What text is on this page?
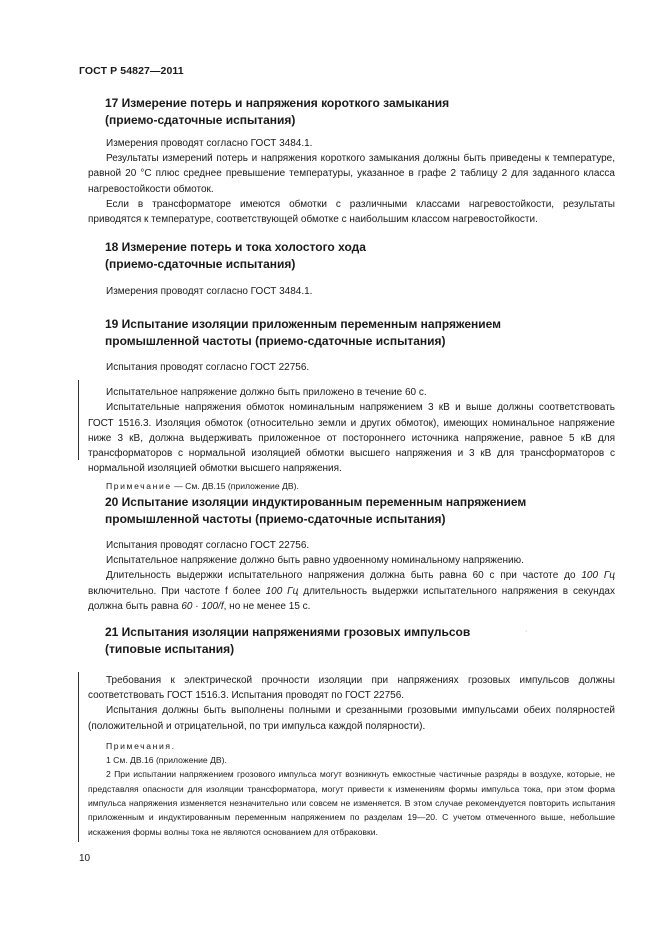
ГОСТ Р 54827—2011
17 Измерение потерь и напряжения короткого замыкания
(приемо-сдаточные испытания)

Измерения проводят согласно ГОСТ 3484.1.

Результаты измерений потерь и напряжения короткого замыкания должны быть приведены к температуре, равной 20 °C плюс среднее превышение температуры, указанное в графе 2 таблицу 2 для заданного класса нагревостойкости обмоток.

Если в трансформаторе имеются обмотки с различными классами нагревостойкости, результаты приводятся к температуре, соответствующей обмотке с наибольшим классом нагревостойкости.

18 Измерение потерь и тока холостого хода
(приемо-сдаточные испытания)

Измерения проводят согласно ГОСТ 3484.1.

19 Испытание изоляции приложенным переменным напряжением
промышленной частоты (приемо-сдаточные испытания)

Испытания проводят согласно ГОСТ 22756.

Испытательное напряжение должно быть приложено в течение 60 с.

Испытательные напряжения обмоток номинальным напряжением 3 кВ и выше должны соответствовать ГОСТ 1516.3. Изоляция обмоток (относительно земли и других обмоток), имеющих номинальное напряжение ниже 3 кВ, должна выдерживать приложенное от постороннего источника напряжение, равное 5 кВ для трансформаторов с нормальной изоляцией обмотки высшего напряжения и 3 кВ для трансформаторов с нормальной изоляцией обмотки высшего напряжения.

Примечание — См. ДВ.15 (приложение ДВ).

20 Испытание изоляции индуктированным переменным напряжением
промышленной частоты (приемо-сдаточные испытания)

Испытания проводят согласно ГОСТ 22756.

Испытательное напряжение должно быть равно удвоенному номинальному напряжению.

Длительность выдержки испытательного напряжения должна быть равна 60 с при частоте до 100 Гц включительно. При частоте f более 100 Гц длительность выдержки испытательного напряжения в секундах должна быть равна 60 · 100/f, но не менее 15 с.

21 Испытания изоляции напряжениями грозовых импульсов
(типовые испытания)

Требования к электрической прочности изоляции при напряжениях грозовых импульсов должны соответствовать ГОСТ 1516.3. Испытания проводят по ГОСТ 22756.

Испытания должны быть выполнены полными и срезанными грозовыми импульсами обеих полярностей (положительной и отрицательной, по три импульса каждой полярности).

Примечания.

1 См. ДВ.16 (приложение ДВ).

2 При испытании напряжением грозового импульса могут возникнуть емкостные частичные разряды в воздухе, которые, не представляя опасности для изоляции трансформатора, могут привести к изменениям формы импульса тока, при этом форма импульса напряжения изменяется незначительно или совсем не изменяется. В этом случае рекомендуется повторить испытания приложенным и индуктированным переменным напряжением по разделам 19—20. С учетом отмеченного выше, небольшие искажения формы волны тока не являются основанием для отбраковки.

·
10
